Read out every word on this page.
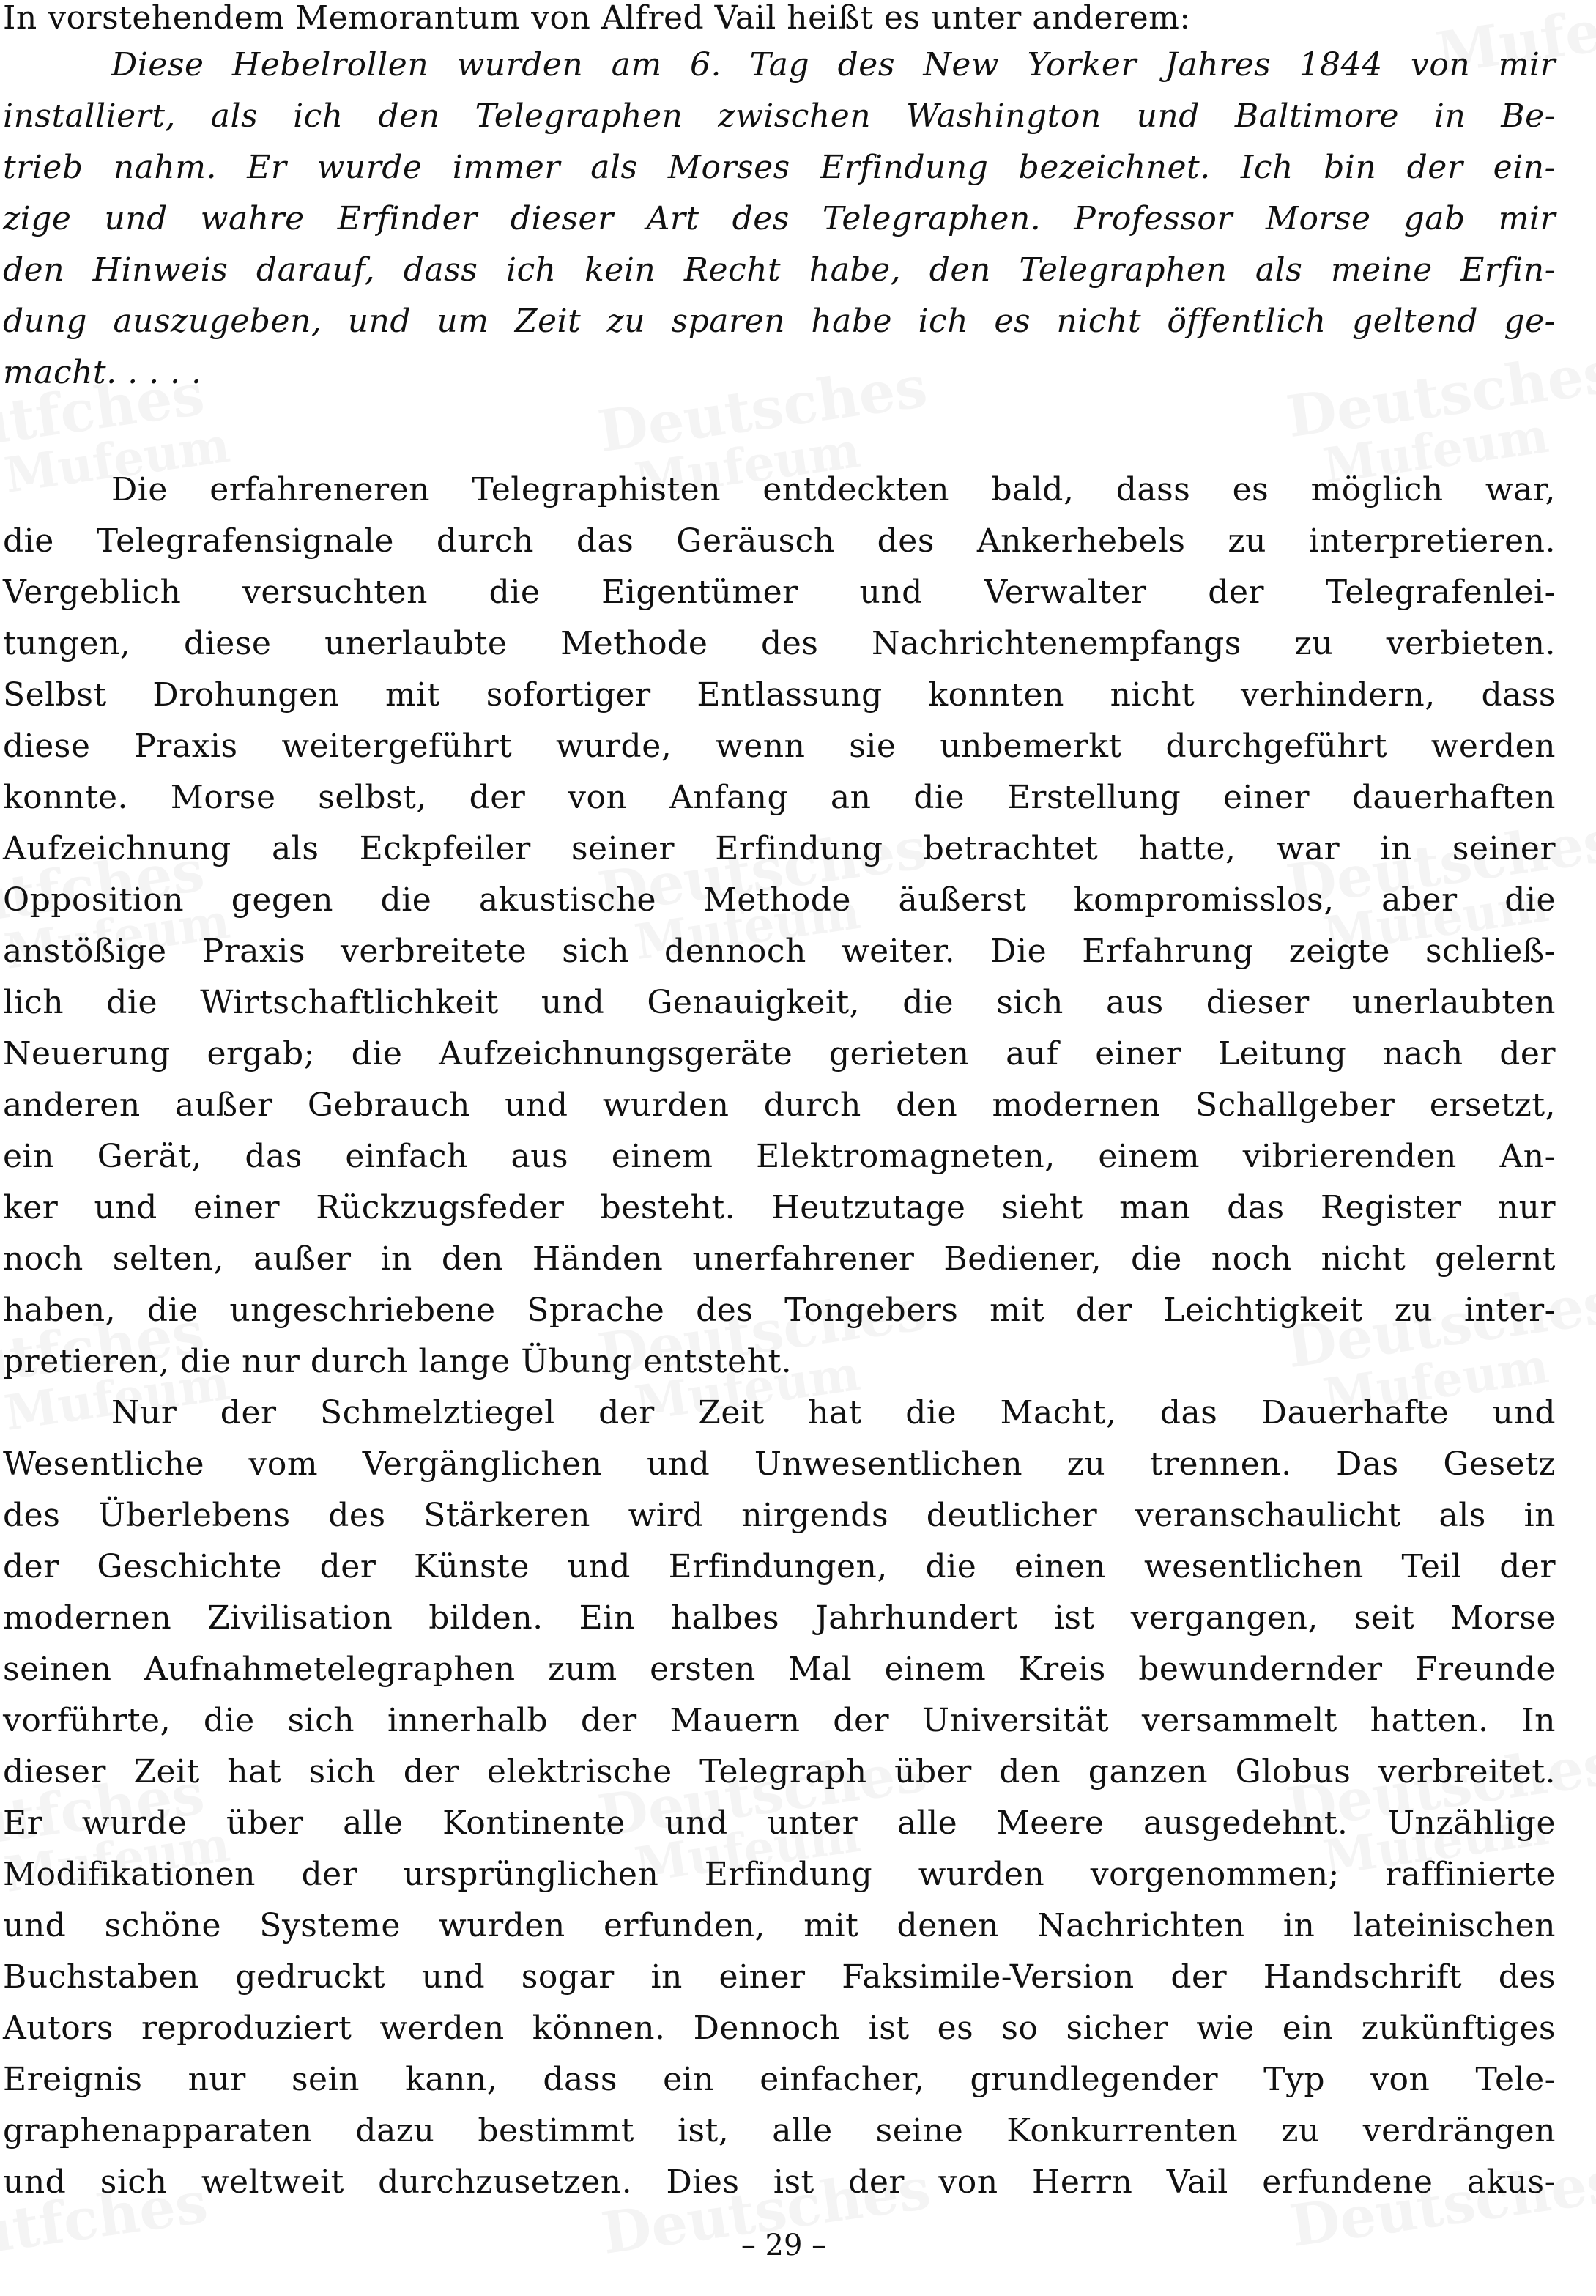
In vorstehendem Memorantum von Alfred Vail heißt es unter anderem:
Diese Hebelrollen wurden am 6. Tag des New Yorker Jahres 1844 von mir
installiert, als ich den Telegraphen zwischen Washington und Baltimore in Be-
trieb nahm. Er wurde immer als Morses Erfindung bezeichnet. Ich bin der ein-
zige und wahre Erfinder dieser Art des Telegraphen. Professor Morse gab mir
den Hinweis darauf, dass ich kein Recht habe, den Telegraphen als meine Erfin-
dung auszugeben, und um Zeit zu sparen habe ich es nicht öffentlich geltend ge-
macht. . . . .
Die erfahreneren Telegraphisten entdeckten bald, dass es möglich war,
die Telegrafensignale durch das Geräusch des Ankerhebels zu interpretieren.
Vergeblich versuchten die Eigentümer und Verwalter der Telegrafenlei-
tungen, diese unerlaubte Methode des Nachrichtenempfangs zu verbieten.
Selbst Drohungen mit sofortiger Entlassung konnten nicht verhindern, dass
diese Praxis weitergeführt wurde, wenn sie unbemerkt durchgeführt werden
konnte. Morse selbst, der von Anfang an die Erstellung einer dauerhaften
Aufzeichnung als Eckpfeiler seiner Erfindung betrachtet hatte, war in seiner
Opposition gegen die akustische Methode äußerst kompromisslos, aber die
anstößige Praxis verbreitete sich dennoch weiter. Die Erfahrung zeigte schließ-
lich die Wirtschaftlichkeit und Genauigkeit, die sich aus dieser unerlaubten
Neuerung ergab; die Aufzeichnungsgeräte gerieten auf einer Leitung nach der
anderen außer Gebrauch und wurden durch den modernen Schallgeber ersetzt,
ein Gerät, das einfach aus einem Elektromagneten, einem vibrierenden An-
ker und einer Rückzugsfeder besteht. Heutzutage sieht man das Register nur
noch selten, außer in den Händen unerfahrener Bediener, die noch nicht gelernt
haben, die ungeschriebene Sprache des Tongebers mit der Leichtigkeit zu inter-
pretieren, die nur durch lange Übung entsteht.
Nur der Schmelztiegel der Zeit hat die Macht, das Dauerhafte und
Wesentliche vom Vergänglichen und Unwesentlichen zu trennen. Das Gesetz
des Überlebens des Stärkeren wird nirgends deutlicher veranschaulicht als in
der Geschichte der Künste und Erfindungen, die einen wesentlichen Teil der
modernen Zivilisation bilden. Ein halbes Jahrhundert ist vergangen, seit Morse
seinen Aufnahmetelegraphen zum ersten Mal einem Kreis bewundernder Freunde
vorführte, die sich innerhalb der Mauern der Universität versammelt hatten. In
dieser Zeit hat sich der elektrische Telegraph über den ganzen Globus verbreitet.
Er wurde über alle Kontinente und unter alle Meere ausgedehnt. Unzählige
Modifikationen der ursprünglichen Erfindung wurden vorgenommen; raffinierte
und schöne Systeme wurden erfunden, mit denen Nachrichten in lateinischen
Buchstaben gedruckt und sogar in einer Faksimile-Version der Handschrift des
Autors reproduziert werden können. Dennoch ist es so sicher wie ein zukünftiges
Ereignis nur sein kann, dass ein einfacher, grundlegender Typ von Tele-
graphenapparaten dazu bestimmt ist, alle seine Konkurrenten zu verdrängen
und sich weltweit durchzusetzen. Dies ist der von Herrn Vail erfundene akus-
– 29 –
